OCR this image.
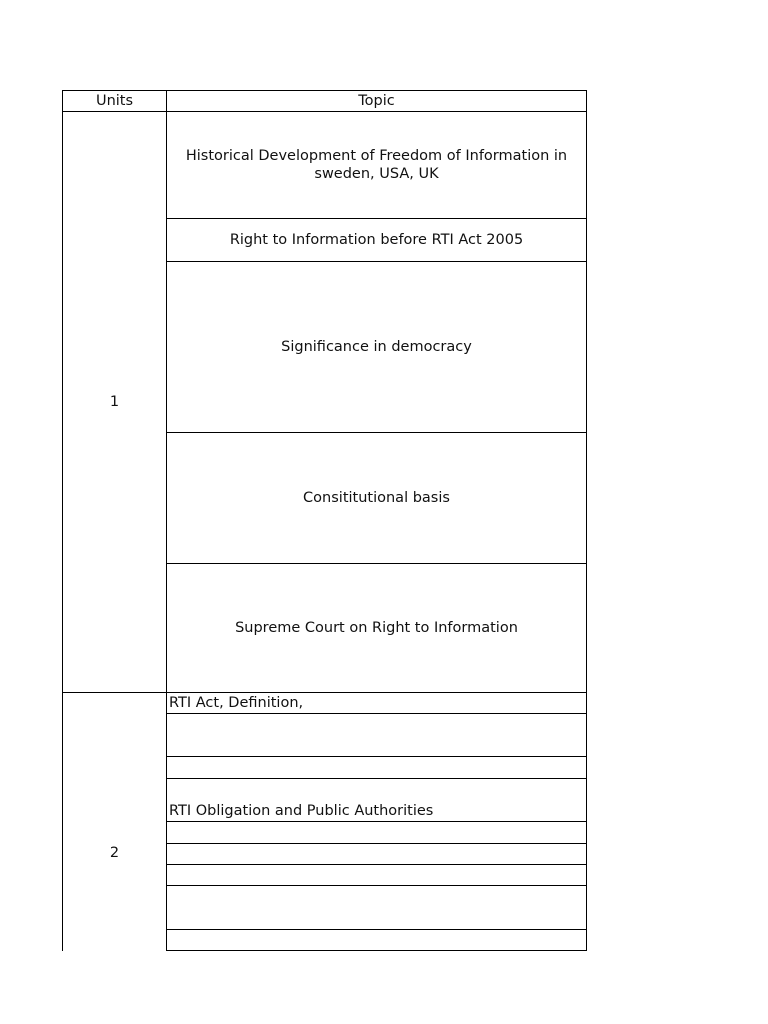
Units	Topic
1
Historical Development of Freedom of Information in sweden, USA, UK
Right to Information before RTI Act 2005
Significance in democracy
Consititutional basis
Supreme Court on Right to Information
2
RTI Act, Definition,
RTI Obligation and Public Authorities
